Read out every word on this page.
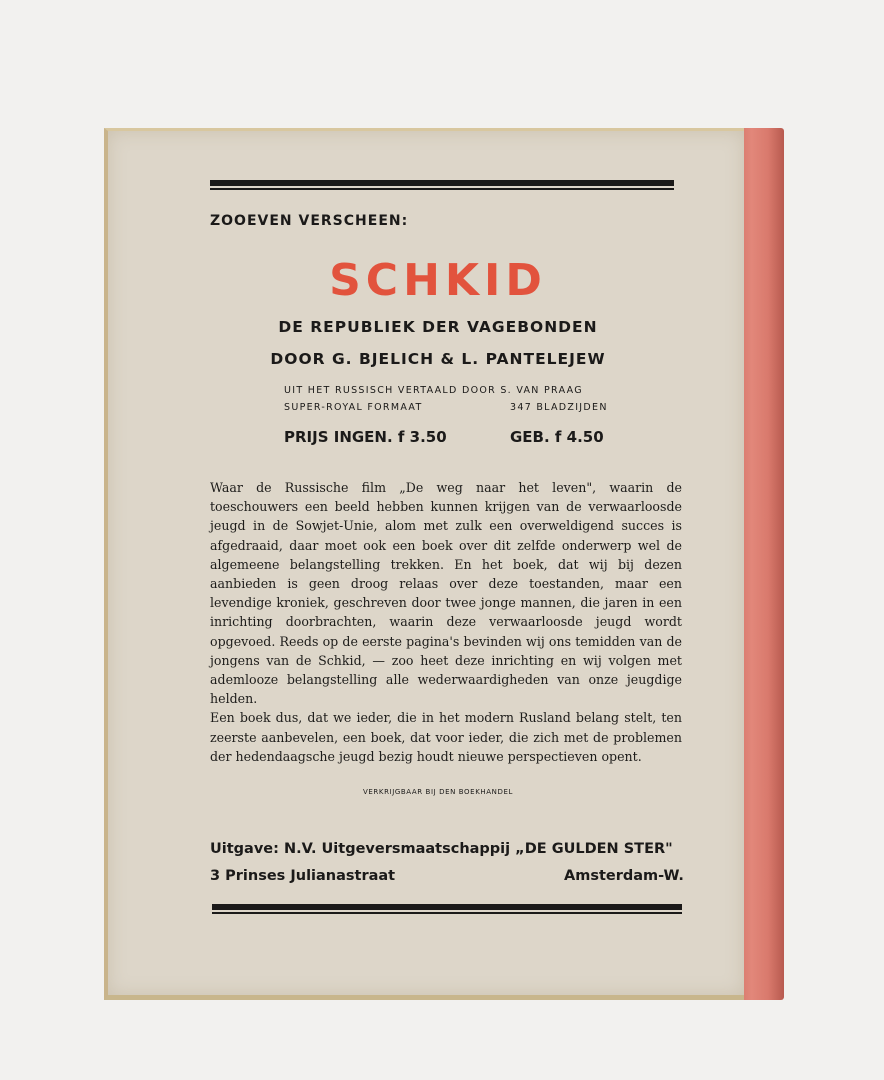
ZOOEVEN VERSCHEEN:
SCHKID
DE REPUBLIEK DER VAGEBONDEN
DOOR G. BJELICH & L. PANTELEJEW
UIT HET RUSSISCH VERTAALD DOOR S. VAN PRAAG
SUPER-ROYAL FORMAAT	347 BLADZIJDEN
PRIJS INGEN. f 3.50	GEB. f 4.50

Waar de Russische film „De weg naar het leven", waarin de toeschouwers een beeld hebben kunnen krijgen van de verwaarloosde jeugd in de Sowjet-Unie, alom met zulk een overweldigend succes is afgedraaid, daar moet ook een boek over dit zelfde onderwerp wel de algemeene belangstelling trekken. En het boek, dat wij bij dezen aanbieden is geen droog relaas over deze toestanden, maar een levendige kroniek, geschreven door twee jonge mannen, die jaren in een inrichting doorbrachten, waarin deze verwaarloosde jeugd wordt opgevoed. Reeds op de eerste pagina's bevinden wij ons temidden van de jongens van de Schkid, — zoo heet deze inrichting en wij volgen met ademlooze belangstelling alle wederwaardigheden van onze jeugdige helden.

Een boek dus, dat we ieder, die in het modern Rusland belang stelt, ten zeerste aanbevelen, een boek, dat voor ieder, die zich met de problemen der hedendaagsche jeugd bezig houdt nieuwe perspectieven opent.

VERKRIJGBAAR BIJ DEN BOEKHANDEL
Uitgave: N.V. Uitgeversmaatschappij „DE GULDEN STER"
3 Prinses Julianastraat	Amsterdam-W.
